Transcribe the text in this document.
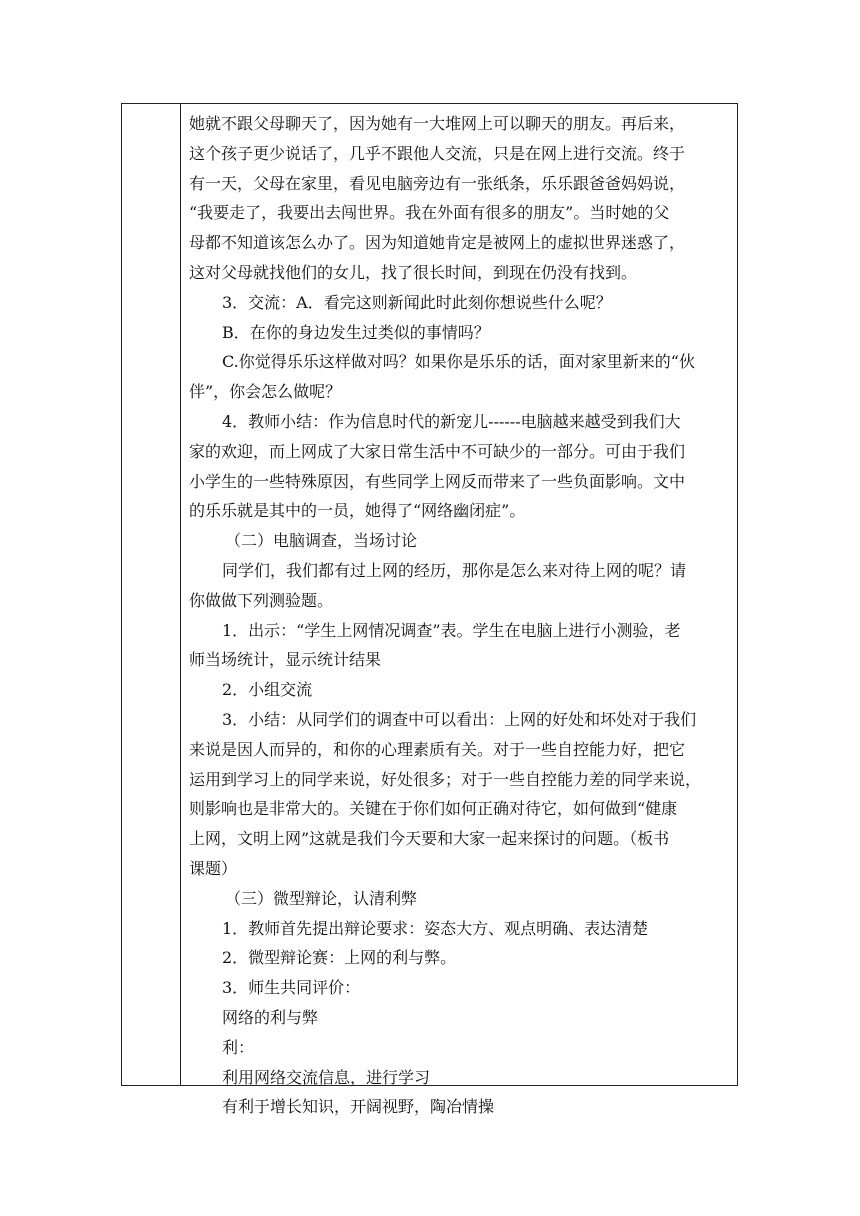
她就不跟父母聊天了，因为她有一大堆网上可以聊天的朋友。再后来，
这个孩子更少说话了，几乎不跟他人交流，只是在网上进行交流。终于
有一天，父母在家里，看见电脑旁边有一张纸条，乐乐跟爸爸妈妈说，
“我要走了，我要出去闯世界。我在外面有很多的朋友”。当时她的父
母都不知道该怎么办了。因为知道她肯定是被网上的虚拟世界迷惑了，
这对父母就找他们的女儿，找了很长时间，到现在仍没有找到。
3．交流：A．看完这则新闻此时此刻你想说些什么呢？
B．在你的身边发生过类似的事情吗？
C.你觉得乐乐这样做对吗？如果你是乐乐的话，面对家里新来的“伙
伴”，你会怎么做呢？
4．教师小结：作为信息时代的新宠儿------电脑越来越受到我们大
家的欢迎，而上网成了大家日常生活中不可缺少的一部分。可由于我们
小学生的一些特殊原因，有些同学上网反而带来了一些负面影响。文中
的乐乐就是其中的一员，她得了“网络幽闭症”。
（二）电脑调查，当场讨论
同学们，我们都有过上网的经历，那你是怎么来对待上网的呢？请
你做做下列测验题。
1．出示：“学生上网情况调查”表。学生在电脑上进行小测验，老
师当场统计，显示统计结果
2．小组交流
3．小结：从同学们的调查中可以看出：上网的好处和坏处对于我们
来说是因人而异的，和你的心理素质有关。对于一些自控能力好，把它
运用到学习上的同学来说，好处很多；对于一些自控能力差的同学来说，
则影响也是非常大的。关键在于你们如何正确对待它，如何做到“健康
上网，文明上网”这就是我们今天要和大家一起来探讨的问题。（板书
课题）
（三）微型辩论，认清利弊
1．教师首先提出辩论要求：姿态大方、观点明确、表达清楚
2．微型辩论赛：上网的利与弊。
3．师生共同评价：
网络的利与弊
利：
利用网络交流信息，进行学习
有利于增长知识，开阔视野，陶冶情操
